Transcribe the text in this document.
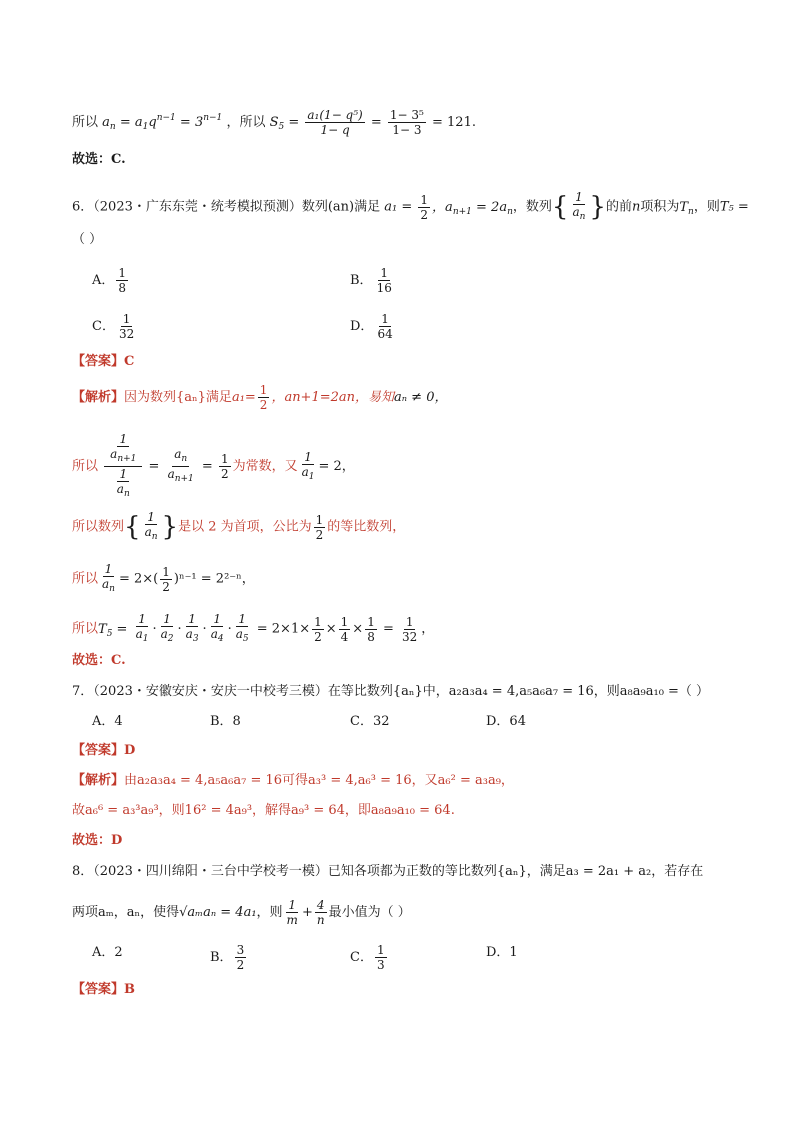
所以 $a_n = a_1q^{n-1} = 3^{n-1}$ ，所以 $S_5 = \frac{\text{a₁(1− q⁵)}}{1- q} = \frac{\text{1− 3⁵}}{1- 3} = 121$.
故选：C.
6．（2023・广东东莞・统考模拟预测）数列(an)满足 $a_1 = \frac{1}{2}$ ，$a_{n+1} = 2a_n$，数列{ $\frac{1}{a_n}$ }的前n项积为$T_n$，则T₅ =
（ ）
A． $\frac{1}{8}$	B． $\frac{1}{16}$
C． $\frac{1}{32}$	D． $\frac{1}{64}$
【答案】C
【解析】因为数列{aₙ}满足$a_1= \frac{1}{2}$ ，an+1=2an，易知aₙ ≠ 0，
所以 $\frac{\frac{1}{a_{n+1}}}{\frac{1}{a_n}} = \frac{a_n}{a_{n+1}} = \frac{1}{2}$ 为常数，又 $\frac{1}{a_1} = 2$，
所以数列{ $\frac{1}{a_n}$ }是以 2 为首项，公比为 $\frac{1}{2}$ 的等比数列，
所以 $\frac{1}{a_n} = 2\times( \frac{1}{2} )^{n-1} = 2^{2-n}$，
所以$T_5 = \frac{1}{a_1} \cdot \frac{1}{a_2} \cdot \frac{1}{a_3} \cdot \frac{1}{a_4} \cdot \frac{1}{a_5} = 2\times 1\times \frac{1}{2} \times \frac{1}{4} \times \frac{1}{8} = \frac{1}{32}$ ，
故选：C.
7．（2023・安徽安庆・安庆一中校考三模）在等比数列{aₙ}中，a₂a₃a₄ = 4,a₅a₆a₇ = 16，则a₈a₉a₁₀ =（ ）
A．4	B．8	C．32	D．64
【答案】D
【解析】由a₂a₃a₄ = 4,a₅a₆a₇ = 16可得a₃³ = 4,a₆³ = 16，又a₆² = a₃a₉，
故a₆⁶ = a₃³a₉³，则16² = 4a₉³，解得a₉³ = 64，即a₈a₉a₁₀ = 64.
故选：D
8．（2023・四川绵阳・三台中学校考一模）已知各项都为正数的等比数列{aₙ}，满足a₃ = 2a₁ + a₂，若存在
两项aₘ，aₙ，使得√aₘaₙ = 4a₁，则 $\frac{1}{m} + \frac{4}{n}$ 最小值为（ ）
A．2	B． $\frac{3}{2}$	C． $\frac{1}{3}$	D．1
【答案】B
